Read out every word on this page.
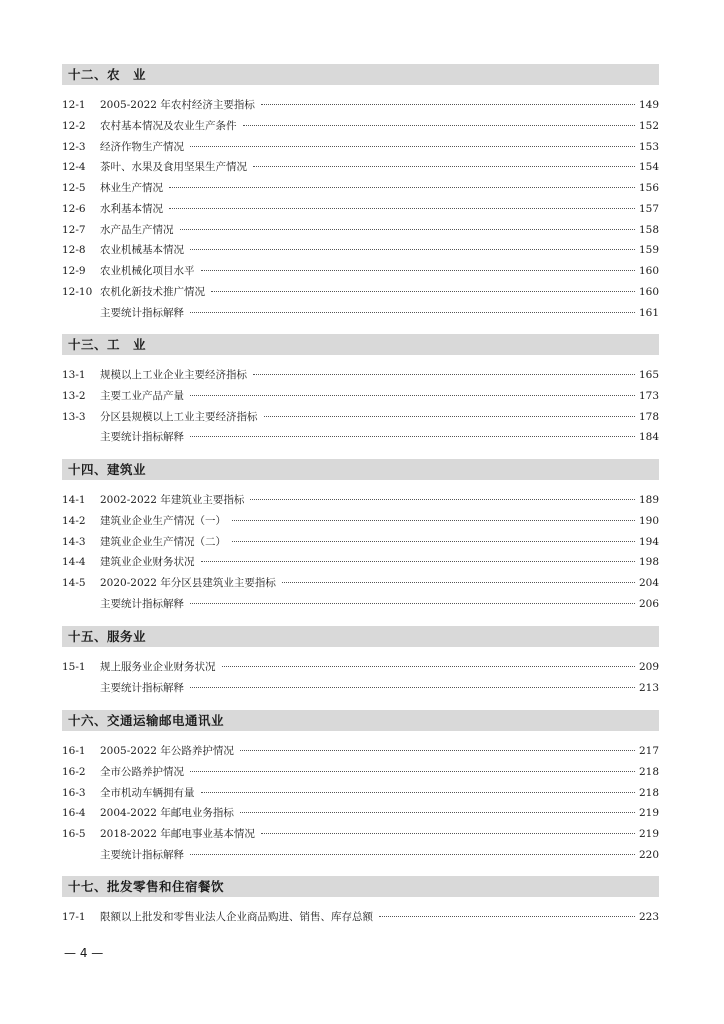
十二、农　业
12-1	2005-2022 年农村经济主要指标	149
12-2	农村基本情况及农业生产条件	152
12-3	经济作物生产情况	153
12-4	茶叶、水果及食用坚果生产情况	154
12-5	林业生产情况	156
12-6	水利基本情况	157
12-7	水产品生产情况	158
12-8	农业机械基本情况	159
12-9	农业机械化项目水平	160
12-10 农机化新技术推广情况	160
主要统计指标解释	161
十三、工　业
13-1	规模以上工业企业主要经济指标	165
13-2	主要工业产品产量	173
13-3	分区县规模以上工业主要经济指标	178
主要统计指标解释	184
十四、建筑业
14-1	2002-2022 年建筑业主要指标	189
14-2	建筑业企业生产情况（一）	190
14-3	建筑业企业生产情况（二）	194
14-4	建筑业企业财务状况	198
14-5	2020-2022 年分区县建筑业主要指标	204
主要统计指标解释	206
十五、服务业
15-1	规上服务业企业财务状况	209
主要统计指标解释	213
十六、交通运输邮电通讯业
16-1	2005-2022 年公路养护情况	217
16-2	全市公路养护情况	218
16-3	全市机动车辆拥有量	218
16-4	2004-2022 年邮电业务指标	219
16-5	2018-2022 年邮电事业基本情况	219
主要统计指标解释	220
十七、批发零售和住宿餐饮
17-1	限额以上批发和零售业法人企业商品购进、销售、库存总额	223
— 4 —
